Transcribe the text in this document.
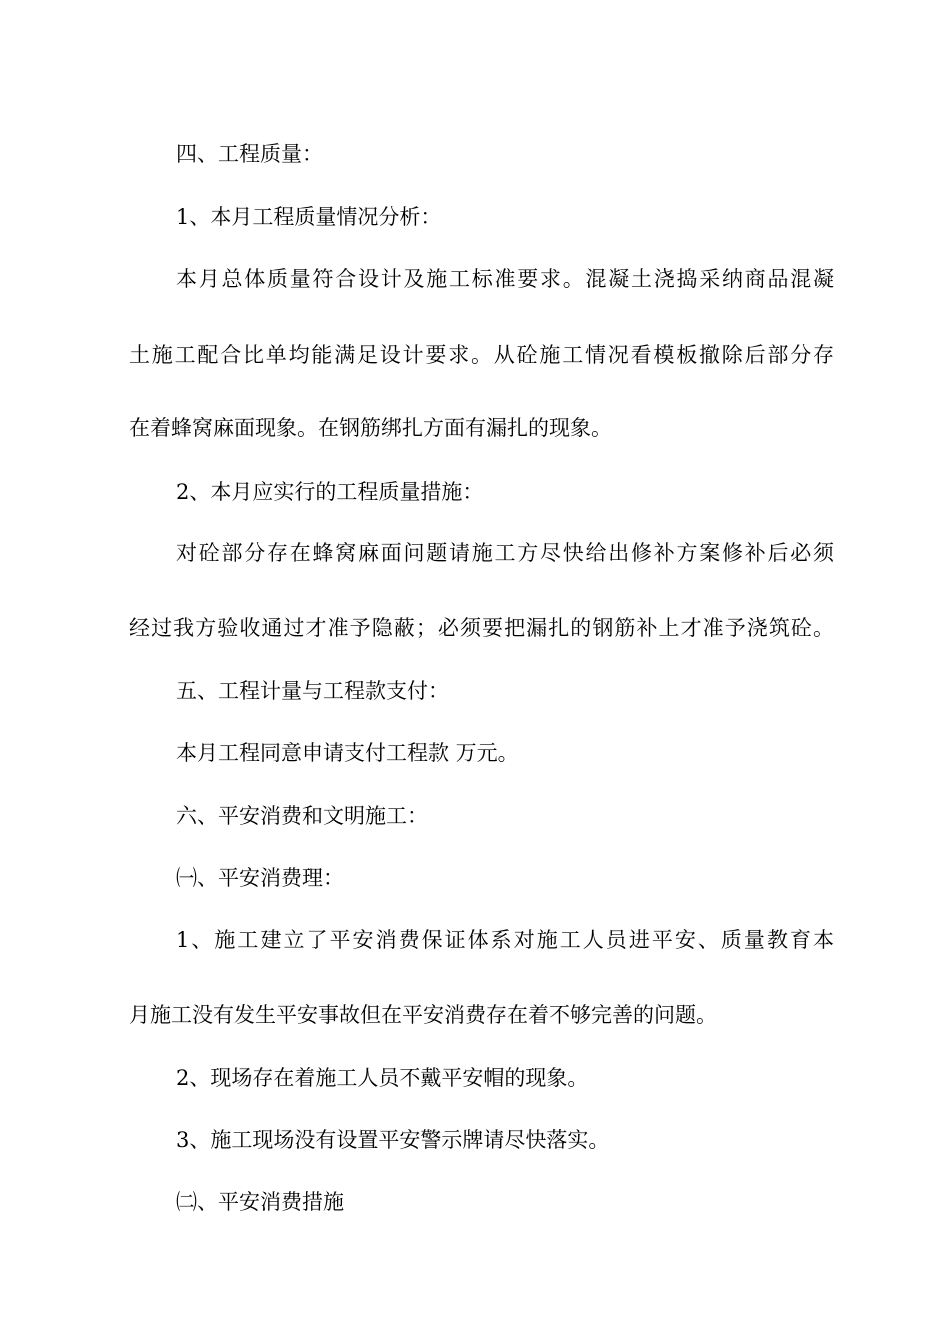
四、工程质量：
1、本月工程质量情况分析：
本月总体质量符合设计及施工标准要求。混凝土浇捣采纳商品混凝
土施工配合比单均能满足设计要求。从砼施工情况看模板撤除后部分存
在着蜂窝麻面现象。在钢筋绑扎方面有漏扎的现象。
2、本月应实行的工程质量措施：
对砼部分存在蜂窝麻面问题请施工方尽快给出修补方案修补后必须
经过我方验收通过才准予隐蔽；必须要把漏扎的钢筋补上才准予浇筑砼。
五、工程计量与工程款支付：
本月工程同意申请支付工程款 万元。
六、平安消费和文明施工：
㈠、平安消费理：
1、施工建立了平安消费保证体系对施工人员进平安、质量教育本
月施工没有发生平安事故但在平安消费存在着不够完善的问题。
2、现场存在着施工人员不戴平安帽的现象。
3、施工现场没有设置平安警示牌请尽快落实。
㈡、平安消费措施
